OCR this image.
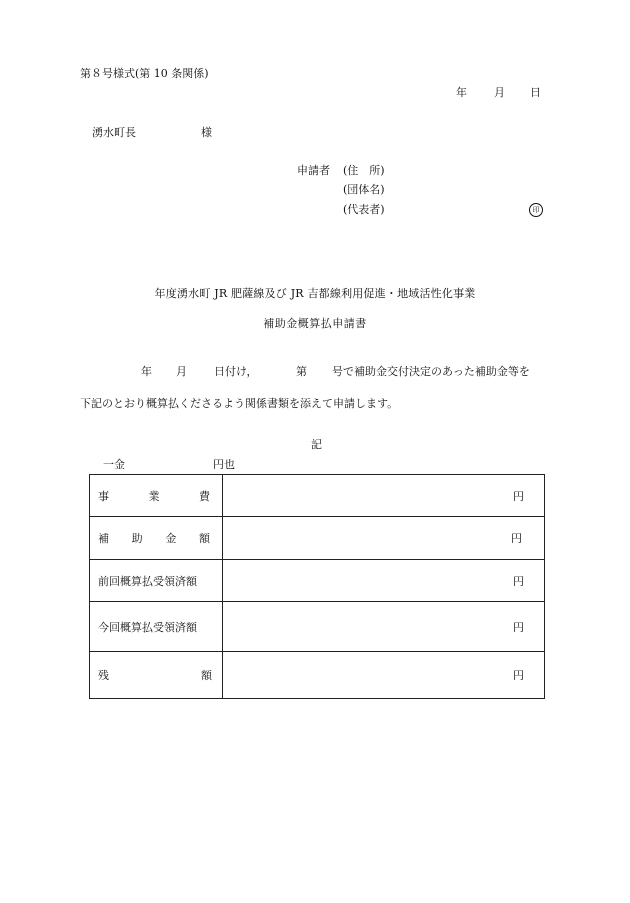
第８号様式(第 10 条関係)
年 月 日
湧水町長	様
申請者 (住　所)
(団体名)
(代表者)	印
年度湧水町 JR 肥薩線及び JR 吉都線利用促進・地域活性化事業
補助金概算払申請書
年 月 日付け，	第 号で補助金交付決定のあった補助金等を
下記のとおり概算払くださるよう関係書類を添えて申請します。
記
一金	円也
事 業 費	円

補 助 金 額	円
前回概算払受領済額	円
今回概算払受領済額	円

残 額	円
